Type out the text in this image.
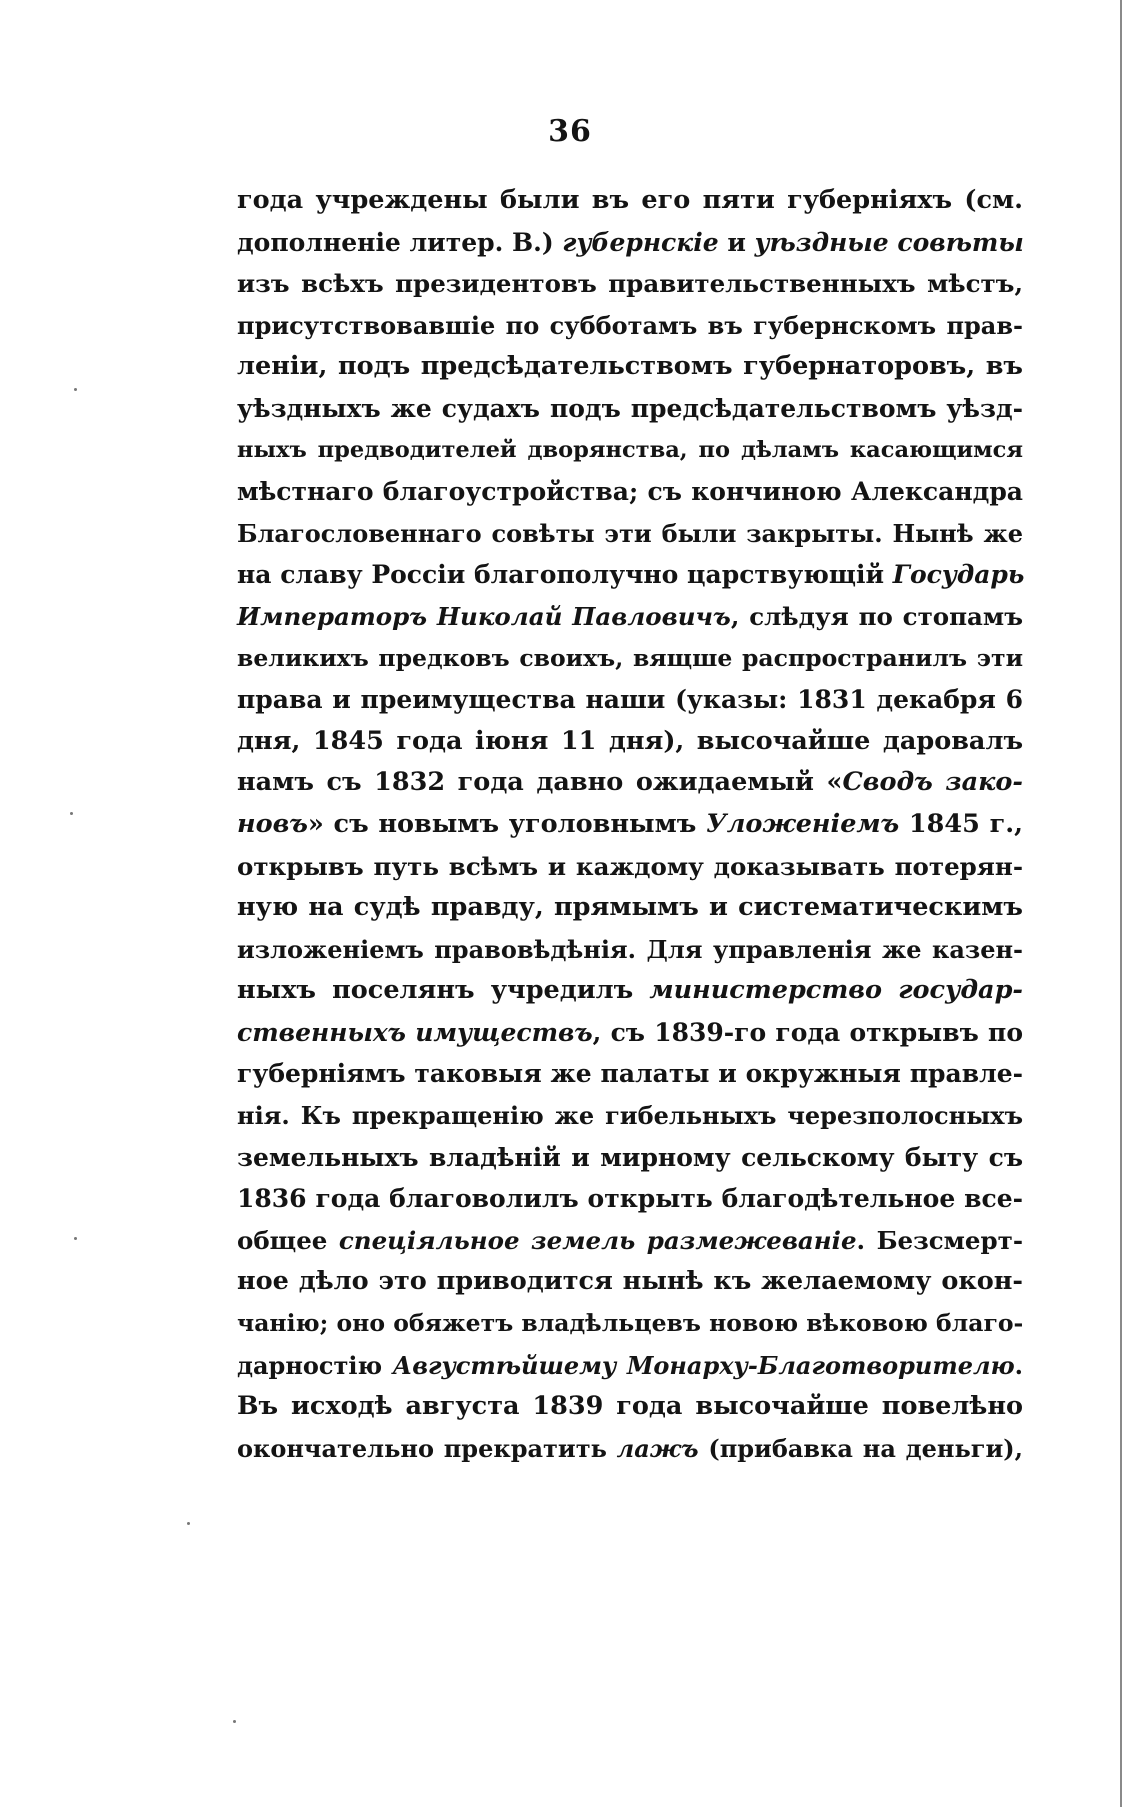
36
года учреждены были въ его пяти губерніяхъ (см.
дополненіе литер. В.) губернскіе и уѣздные совѣты
изъ всѣхъ президентовъ правительственныхъ мѣстъ,
присутствовавшіе по субботамъ въ губернскомъ прав-
леніи, подъ предсѣдательствомъ губернаторовъ, въ
уѣздныхъ же судахъ подъ предсѣдательствомъ уѣзд-
ныхъ предводителей дворянства, по дѣламъ касающимся
мѣстнаго благоустройства; съ кончиною Александра
Благословеннаго совѣты эти были закрыты. Нынѣ же
на славу Россіи благополучно царствующій Государь
Императоръ Николай Павловичъ, слѣдуя по стопамъ
великихъ предковъ своихъ, вящше распространилъ эти
права и преимущества наши (указы: 1831 декабря 6
дня, 1845 года іюня 11 дня), высочайше даровалъ
намъ съ 1832 года давно ожидаемый «Сводъ зако-
новъ» съ новымъ уголовнымъ Уложеніемъ 1845 г.,
открывъ путь всѣмъ и каждому доказывать потерян-
ную на судѣ правду, прямымъ и систематическимъ
изложеніемъ правовѣдѣнія. Для управленія же казен-
ныхъ поселянъ учредилъ министерство государ-
ственныхъ имуществъ, съ 1839-го года открывъ по
губерніямъ таковыя же палаты и окружныя правле-
нія. Къ прекращенію же гибельныхъ черезполосныхъ
земельныхъ владѣній и мирному сельскому быту съ
1836 года благоволилъ открыть благодѣтельное все-
общее спеціяльное земель размежеваніе. Безсмерт-
ное дѣло это приводится нынѣ къ желаемому окон-
чанію; оно обяжетъ владѣльцевъ новою вѣковою благо-
дарностію Августѣйшему Монарху-Благотворителю.
Въ исходѣ августа 1839 года высочайше повелѣно
окончательно прекратить лажъ (прибавка на деньги),
